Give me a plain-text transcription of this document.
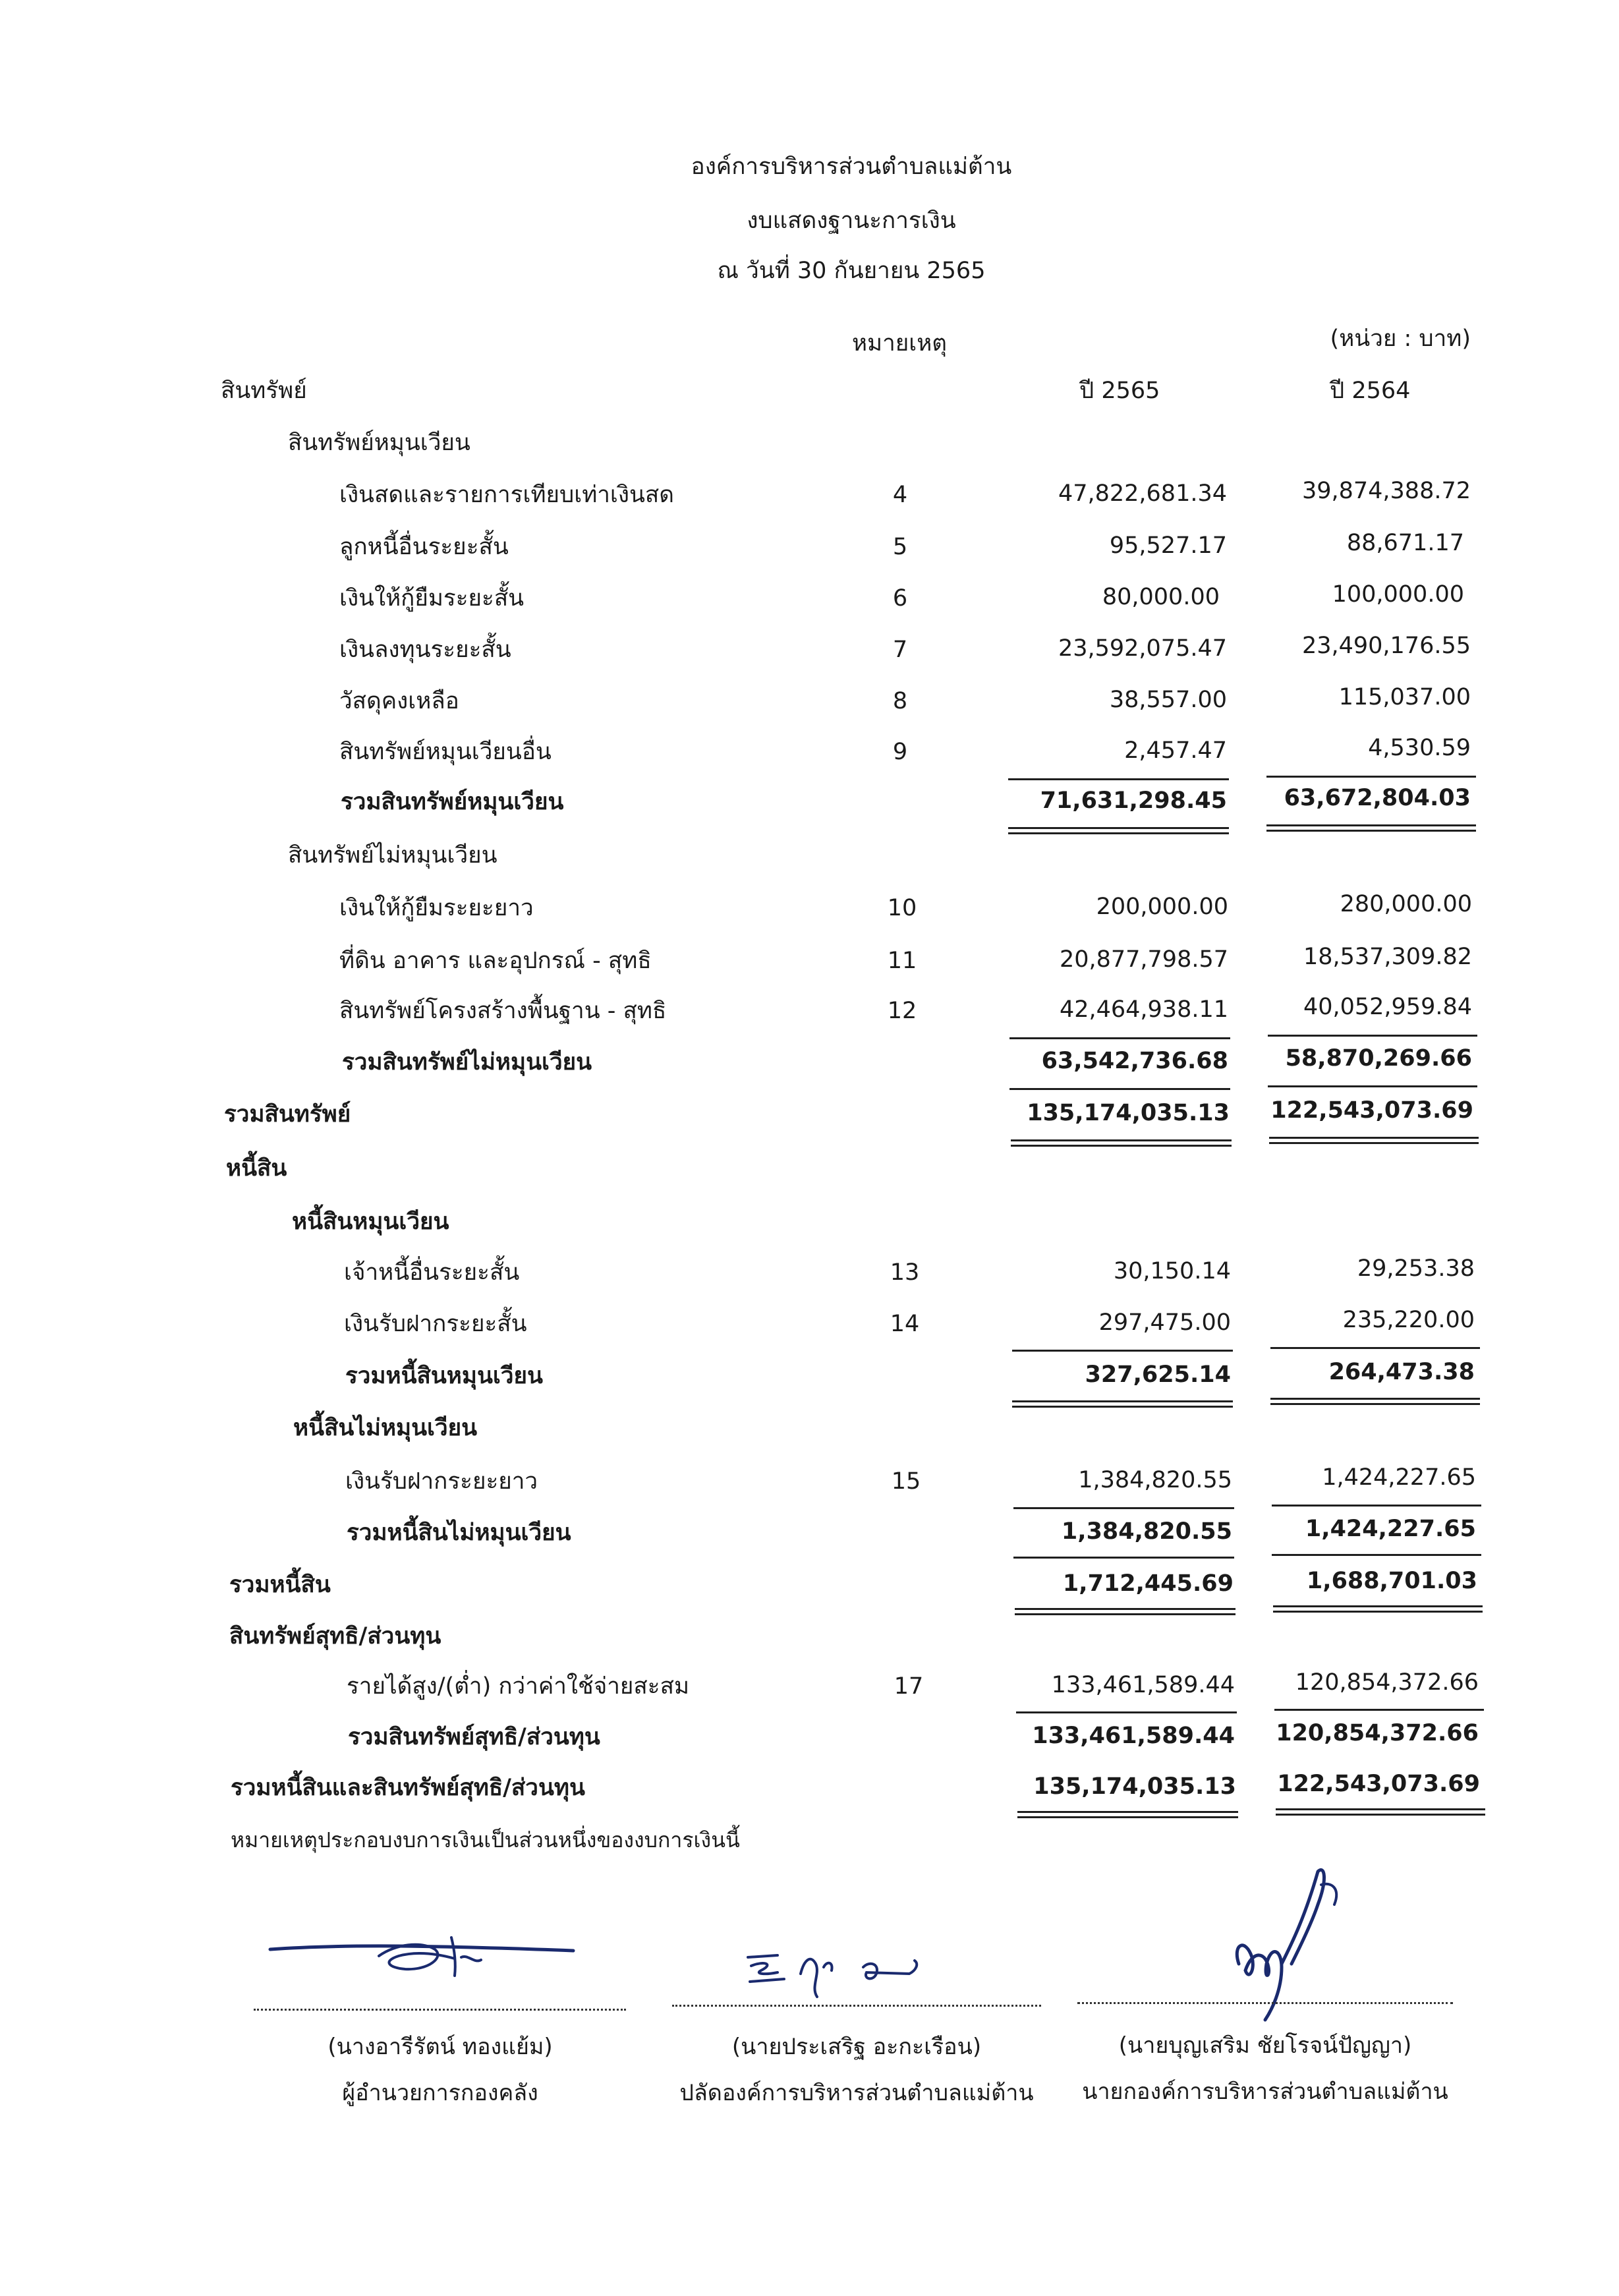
องค์การบริหารส่วนตำบลแม่ต้าน
งบแสดงฐานะการเงิน
ณ วันที่ 30 กันยายน 2565
หมายเหตุ	(หน่วย : บาท)
สินทรัพย์	ปี 2565	ปี 2564
สินทรัพย์หมุนเวียน
เงินสดและรายการเทียบเท่าเงินสด	4	47,822,681.34	39,874,388.72
ลูกหนี้อื่นระยะสั้น	5	95,527.17	88,671.17
เงินให้กู้ยืมระยะสั้น	6	80,000.00	100,000.00
เงินลงทุนระยะสั้น	7	23,592,075.47	23,490,176.55
วัสดุคงเหลือ	8	38,557.00	115,037.00
สินทรัพย์หมุนเวียนอื่น	9	2,457.47	4,530.59
รวมสินทรัพย์หมุนเวียน	71,631,298.45 63,672,804.03
สินทรัพย์ไม่หมุนเวียน
เงินให้กู้ยืมระยะยาว	10	200,000.00	280,000.00
ที่ดิน อาคาร และอุปกรณ์ - สุทธิ	11	20,877,798.57	18,537,309.82
สินทรัพย์โครงสร้างพื้นฐาน - สุทธิ	12	42,464,938.11	40,052,959.84
รวมสินทรัพย์ไม่หมุนเวียน	63,542,736.68 58,870,269.66
รวมสินทรัพย์	135,174,035.13 122,543,073.69
หนี้สิน
หนี้สินหมุนเวียน
เจ้าหนี้อื่นระยะสั้น	13	30,150.14	29,253.38
เงินรับฝากระยะสั้น	14	297,475.00	235,220.00
รวมหนี้สินหมุนเวียน	327,625.14	264,473.38
หนี้สินไม่หมุนเวียน
เงินรับฝากระยะยาว	15	1,384,820.55	1,424,227.65
รวมหนี้สินไม่หมุนเวียน	1,384,820.55	1,424,227.65
รวมหนี้สิน	1,712,445.69	1,688,701.03
สินทรัพย์สุทธิ/ส่วนทุน
รายได้สูง/(ต่ำ) กว่าค่าใช้จ่ายสะสม	17	133,461,589.44	120,854,372.66
รวมสินทรัพย์สุทธิ/ส่วนทุน	133,461,589.44 120,854,372.66
รวมหนี้สินและสินทรัพย์สุทธิ/ส่วนทุน	135,174,035.13 122,543,073.69
หมายเหตุประกอบงบการเงินเป็นส่วนหนึ่งของงบการเงินนี้
(นางอารีรัตน์ ทองแย้ม)	(นายประเสริฐ อะกะเรือน)	(นายบุญเสริม ชัยโรจน์ปัญญา)
ผู้อำนวยการกองคลัง	ปลัดองค์การบริหารส่วนตำบลแม่ต้าน นายกองค์การบริหารส่วนตำบลแม่ต้าน
